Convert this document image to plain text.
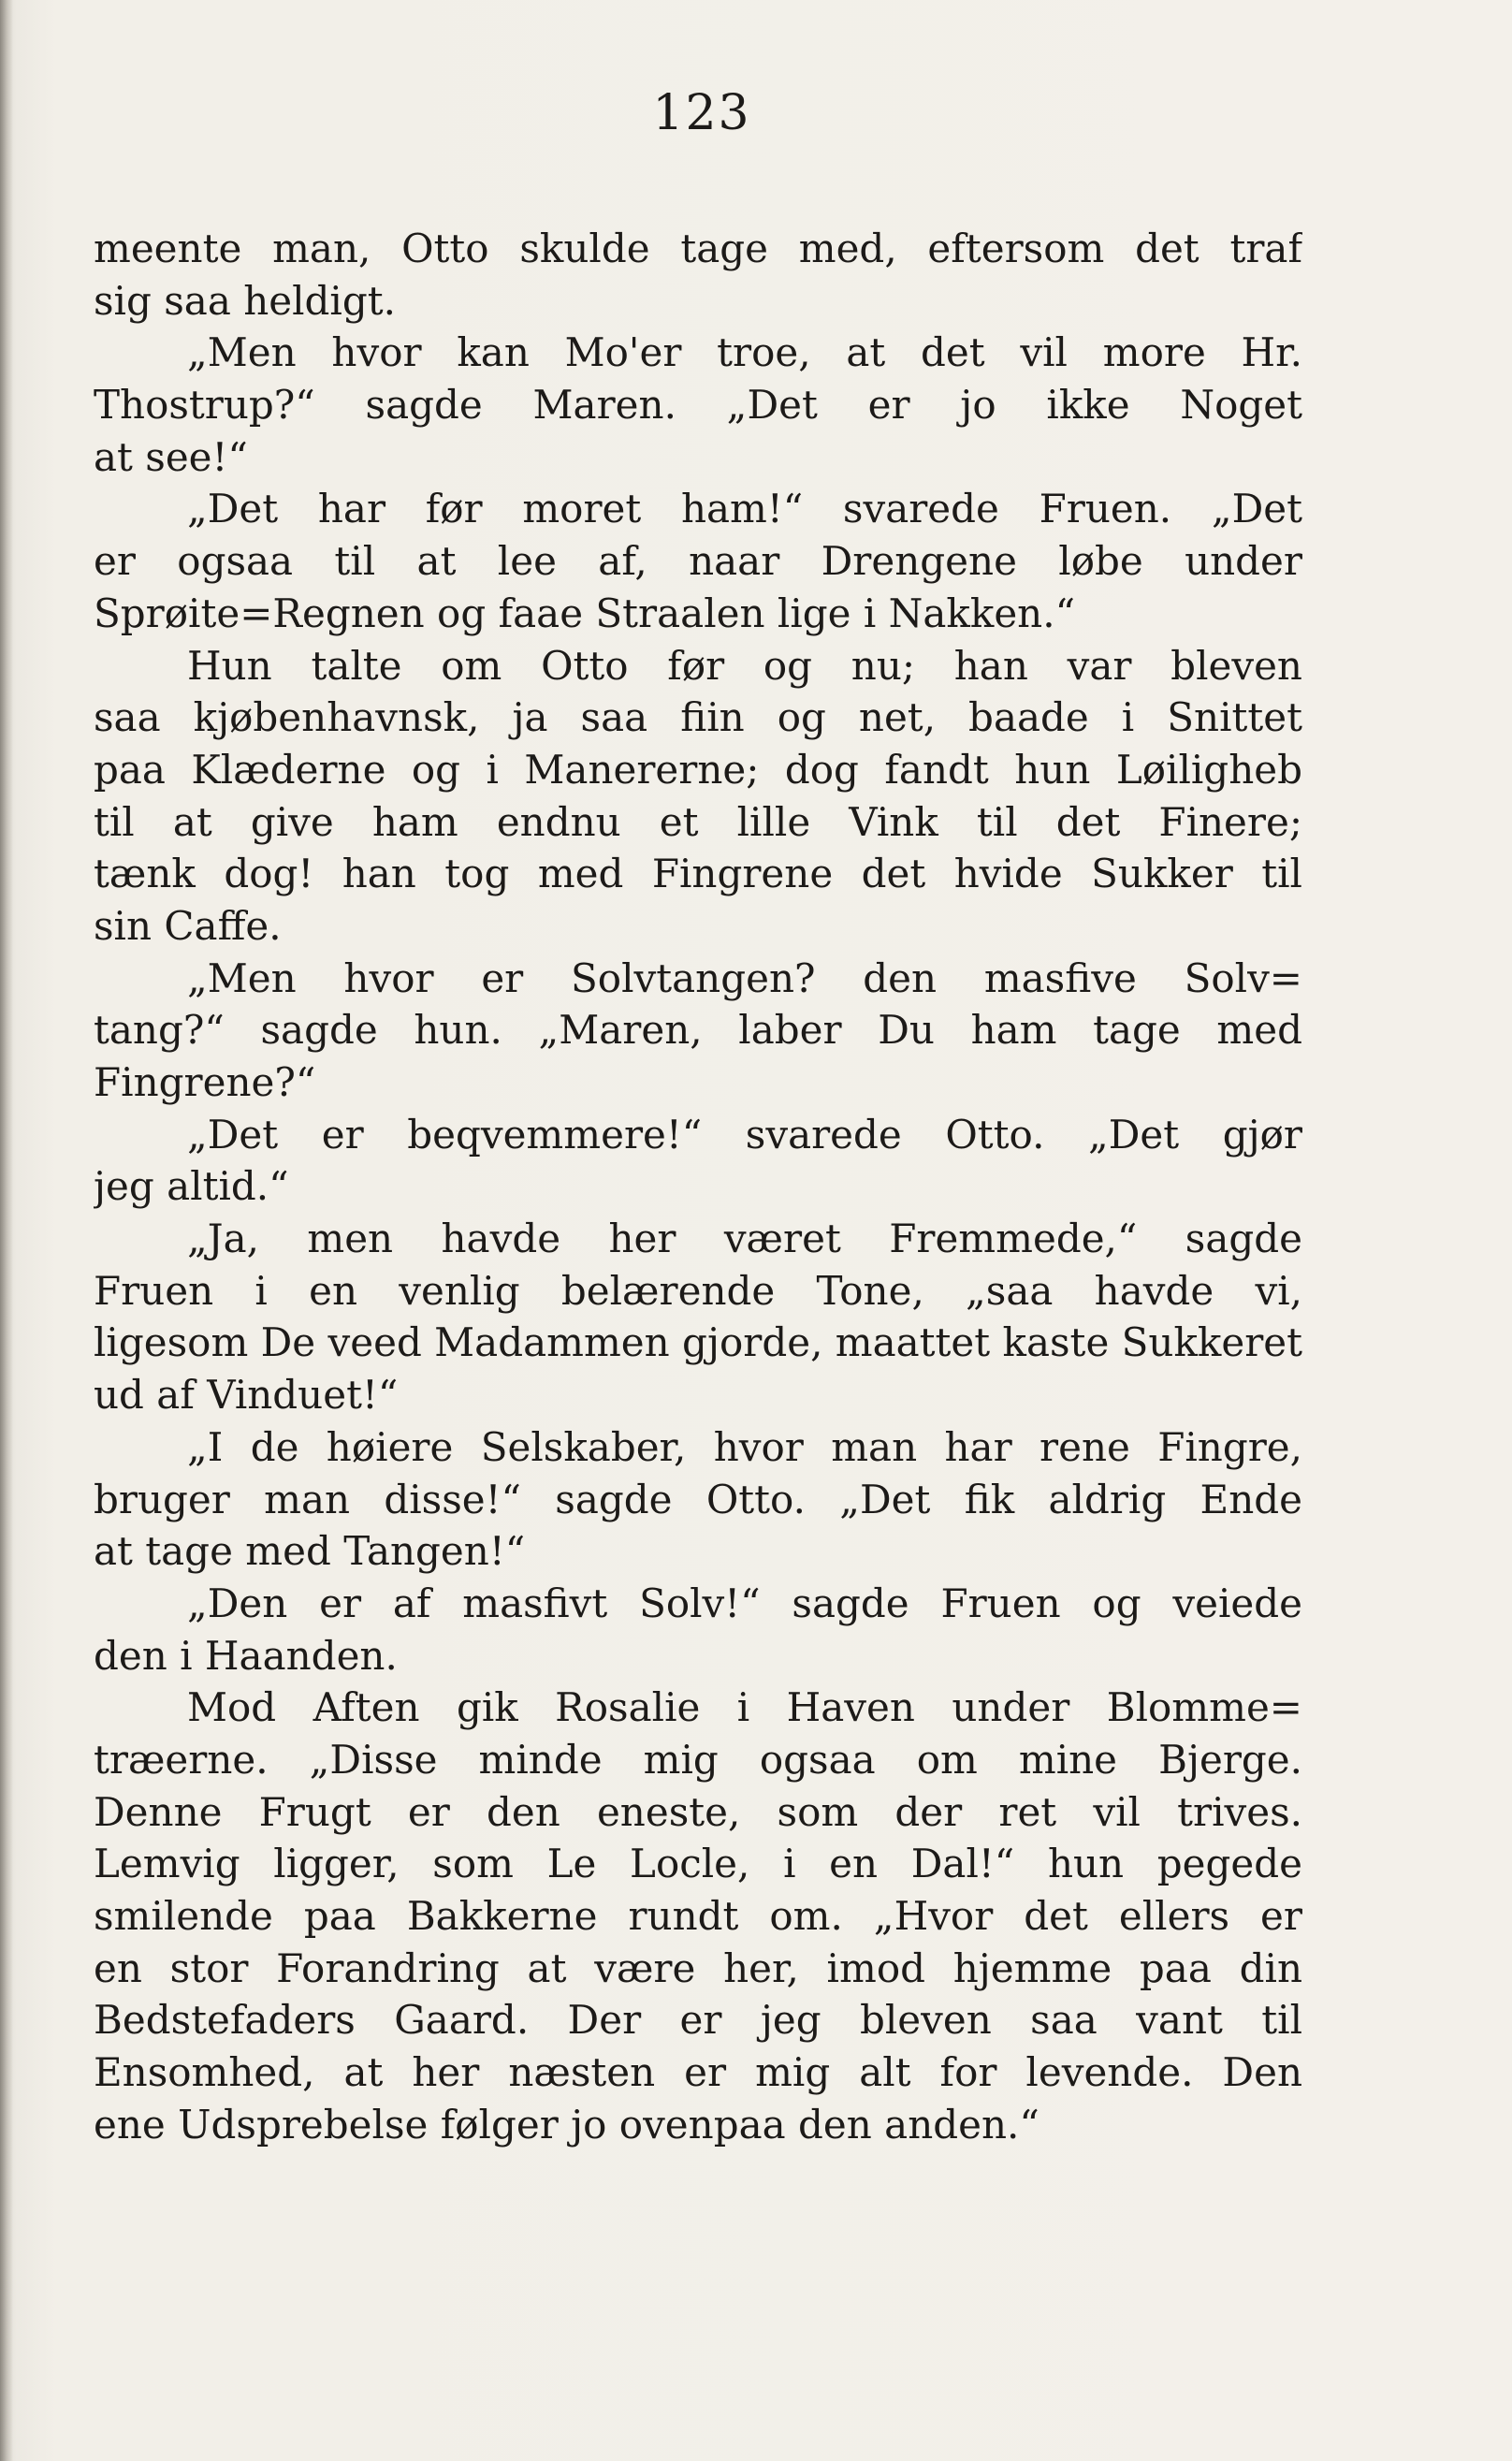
123
meente man, Otto skulde tage med, eftersom det traf
sig saa heldigt.
„Men hvor kan Mo'er troe, at det vil more Hr.
Thostrup?“ sagde Maren. „Det er jo ikke Noget
at see!“
„Det har før moret ham!“ svarede Fruen. „Det
er ogsaa til at lee af, naar Drengene løbe under
Sprøite=Regnen og faae Straalen lige i Nakken.“
Hun talte om Otto før og nu; han var bleven
saa kjøbenhavnsk, ja saa fiin og net, baade i Snittet
paa Klæderne og i Manererne; dog fandt hun Løiligheb
til at give ham endnu et lille Vink til det Finere;
tænk dog! han tog med Fingrene det hvide Sukker til
sin Caffe.
„Men hvor er Solvtangen? den masfive Solv=
tang?“ sagde hun. „Maren, laber Du ham tage med
Fingrene?“
„Det er beqvemmere!“ svarede Otto. „Det gjør
jeg altid.“
„Ja, men havde her været Fremmede,“ sagde
Fruen i en venlig belærende Tone, „saa havde vi,
ligesom De veed Madammen gjorde, maattet kaste Sukkeret
ud af Vinduet!“
„I de høiere Selskaber, hvor man har rene Fingre,
bruger man disse!“ sagde Otto. „Det fik aldrig Ende
at tage med Tangen!“
„Den er af masfivt Solv!“ sagde Fruen og veiede
den i Haanden.
Mod Aften gik Rosalie i Haven under Blomme=
træerne. „Disse minde mig ogsaa om mine Bjerge.
Denne Frugt er den eneste, som der ret vil trives.
Lemvig ligger, som Le Locle, i en Dal!“ hun pegede
smilende paa Bakkerne rundt om. „Hvor det ellers er
en stor Forandring at være her, imod hjemme paa din
Bedstefaders Gaard. Der er jeg bleven saa vant til
Ensomhed, at her næsten er mig alt for levende. Den
ene Udsprebelse følger jo ovenpaa den anden.“
